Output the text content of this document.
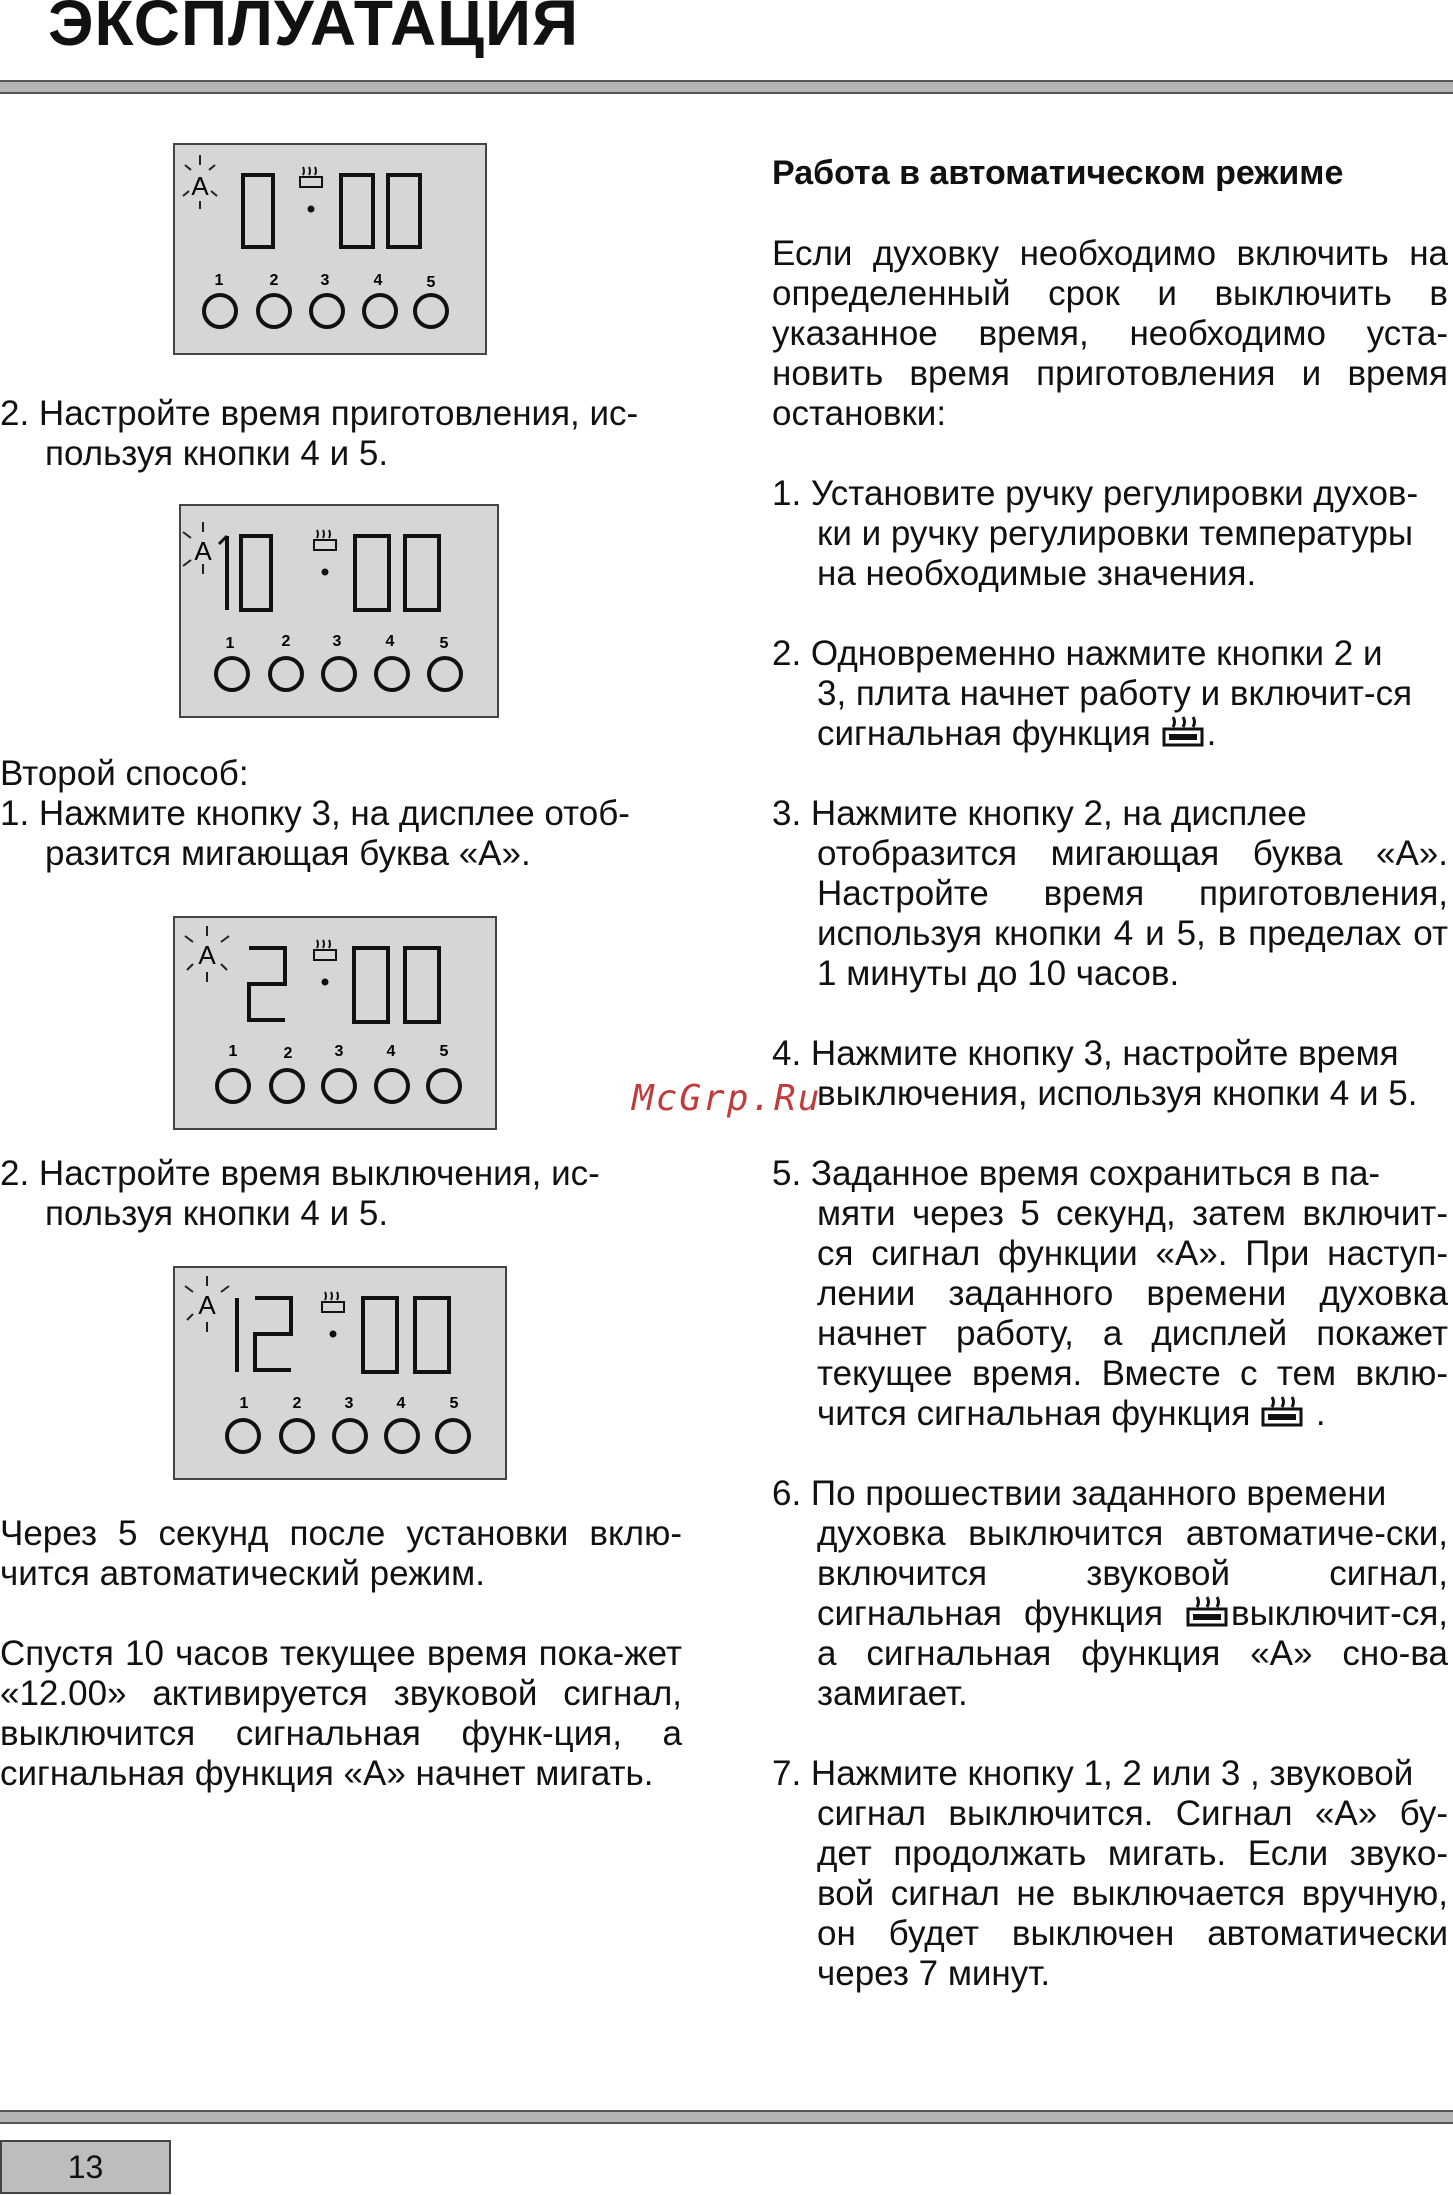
ЭКСПЛУАТАЦИЯ
A
1	2	3	4	5
2. Настройте время приготовления, ис-
пользуя кнопки 4 и 5.
A
1	2	3	4	5
Второй способ:
1. Нажмите кнопку 3, на дисплее отоб-
разится мигающая буква «А».
A
1	2	3	4	5
2. Настройте время выключения, ис-
пользуя кнопки 4 и 5.
A
1	2	3	4	5
Через 5 секунд после установки вклю-чится автоматический режим.
Спустя 10 часов текущее время пока-жет «12.00» активируется звуковой сигнал, выключится сигнальная функ-ция, а сигнальная функция «А» начнет мигать.
Работа в автоматическом режиме
Если духовку необходимо включить на определенный срок и выключить в указанное время, необходимо уста-новить время приготовления и время остановки:
1. Установите ручку регулировки духов-
ки и ручку регулировки температуры на необходимые значения.
2. Одновременно нажмите кнопки 2 и
3, плита начнет работу и включит-ся сигнальная функция .
3. Нажмите кнопку 2, на дисплее
отобразится мигающая буква «А». Настройте время приготовления, используя кнопки 4 и 5, в пределах от 1 минуты до 10 часов.
4. Нажмите кнопку 3, настройте время
выключения, используя кнопки 4 и 5.
5. Заданное время сохраниться в па-
мяти через 5 секунд, затем включит-ся сигнал функции «А». При наступ-лении заданного времени духовка начнет работу, а дисплей покажет текущее время. Вместе с тем вклю-чится сигнальная функция  .
6. По прошествии заданного времени
духовка выключится автоматиче-ски, включится звуковой сигнал, сигнальная функция выключит-ся, а сигнальная функция «А» сно-ва замигает.
7. Нажмите кнопку 1, 2 или 3 , звуковой
сигнал выключится. Сигнал «А» бу-дет продолжать мигать. Если звуко-вой сигнал не выключается вручную, он будет выключен автоматически через 7 минут.
McGrp.Ru
13
